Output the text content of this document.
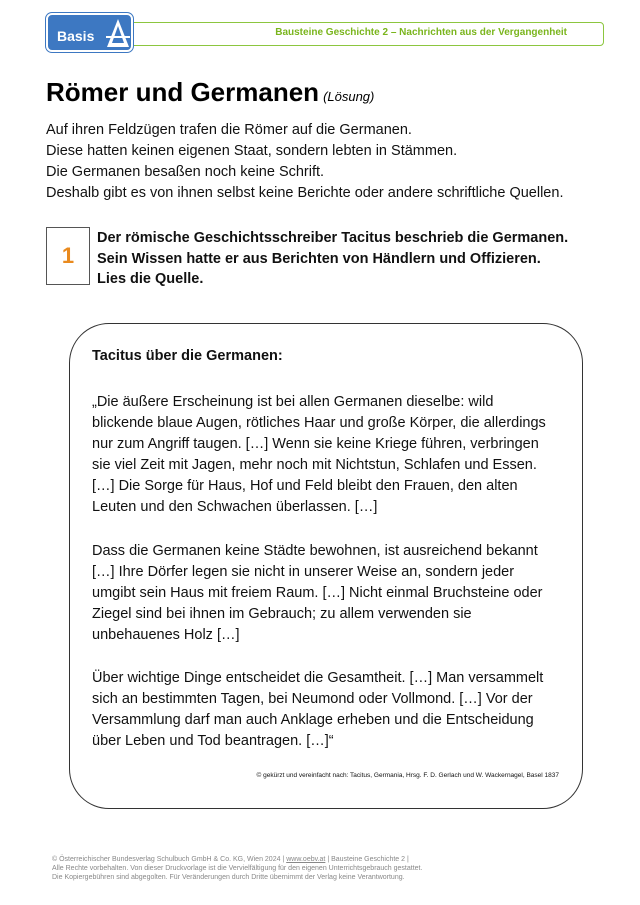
Bausteine Geschichte 2 – Nachrichten aus der Vergangenheit
Basis
Römer und Germanen (Lösung)
Auf ihren Feldzügen trafen die Römer auf die Germanen.
Diese hatten keinen eigenen Staat, sondern lebten in Stämmen.
Die Germanen besaßen noch keine Schrift.
Deshalb gibt es von ihnen selbst keine Berichte oder andere schriftliche Quellen.
1
Der römische Geschichtsschreiber Tacitus beschrieb die Germanen.
Sein Wissen hatte er aus Berichten von Händlern und Offizieren.
Lies die Quelle.
Tacitus über die Germanen:
„Die äußere Erscheinung ist bei allen Germanen dieselbe: wild
blickende blaue Augen, rötliches Haar und große Körper, die allerdings
nur zum Angriff taugen. […] Wenn sie keine Kriege führen, verbringen
sie viel Zeit mit Jagen, mehr noch mit Nichtstun, Schlafen und Essen.
[…] Die Sorge für Haus, Hof und Feld bleibt den Frauen, den alten
Leuten und den Schwachen überlassen. […]
Dass die Germanen keine Städte bewohnen, ist ausreichend bekannt
[…] Ihre Dörfer legen sie nicht in unserer Weise an, sondern jeder
umgibt sein Haus mit freiem Raum. […] Nicht einmal Bruchsteine oder
Ziegel sind bei ihnen im Gebrauch; zu allem verwenden sie
unbehauenes Holz […]
Über wichtige Dinge entscheidet die Gesamtheit. […] Man versammelt
sich an bestimmten Tagen, bei Neumond oder Vollmond. […] Vor der
Versammlung darf man auch Anklage erheben und die Entscheidung
über Leben und Tod beantragen. […]“
© gekürzt und vereinfacht nach: Tacitus, Germania, Hrsg. F. D. Gerlach und W. Wackernagel, Basel 1837
© Österreichischer Bundesverlag Schulbuch GmbH & Co. KG, Wien 2024 | www.oebv.at | Bausteine Geschichte 2 |
Alle Rechte vorbehalten. Von dieser Druckvorlage ist die Vervielfältigung für den eigenen Unterrichtsgebrauch gestattet.
Die Kopiergebühren sind abgegolten. Für Veränderungen durch Dritte übernimmt der Verlag keine Verantwortung.
